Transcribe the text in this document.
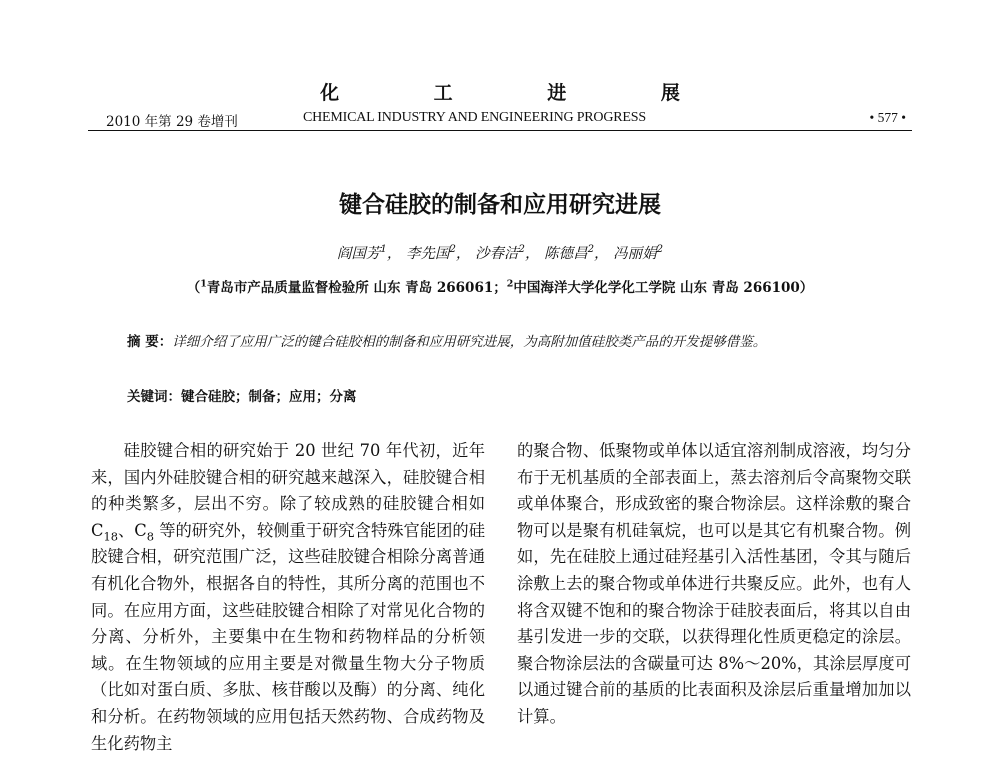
化 工 进 展
2010 年第 29 卷增刊	CHEMICAL INDUSTRY AND ENGINEERING PROGRESS	• 577 •
键合硅胶的制备和应用研究进展
阎国芳$^1$， 李先国$^2$， 沙春洁$^2$， 陈德昌$^2$， 冯丽娟$^2$
（$^1$青岛市产品质量监督检验所 山东 青岛 266061；$^2$中国海洋大学化学化工学院 山东 青岛 266100）
摘 要：详细介绍了应用广泛的键合硅胶相的制备和应用研究进展，为高附加值硅胶类产品的开发提够借鉴。
关键词：键合硅胶；制备；应用；分离
硅胶键合相的研究始于 20 世纪 70 年代初，近年来，国内外硅胶键合相的研究越来越深入，硅胶键合相的种类繁多，层出不穷。除了较成熟的硅胶键合相如 $C_{18}$、$C_8$ 等的研究外，较侧重于研究含特殊官能团的硅胶键合相，研究范围广泛，这些硅胶键合相除分离普通有机化合物外，根据各自的特性，其所分离的范围也不同。在应用方面，这些硅胶键合相除了对常见化合物的分离、分析外，主要集中在生物和药物样品的分析领域。在生物领域的应用主要是对微量生物大分子物质（比如对蛋白质、多肽、核苷酸以及酶）的分离、纯化和分析。在药物领域的应用包括天然药物、合成药物及生化药物主
的聚合物、低聚物或单体以适宜溶剂制成溶液，均匀分布于无机基质的全部表面上，蒸去溶剂后令高聚物交联或单体聚合，形成致密的聚合物涂层。这样涂敷的聚合物可以是聚有机硅氧烷，也可以是其它有机聚合物。例如，先在硅胶上通过硅羟基引入活性基团，令其与随后涂敷上去的聚合物或单体进行共聚反应。此外，也有人将含双键不饱和的聚合物涂于硅胶表面后，将其以自由基引发进一步的交联，以获得理化性质更稳定的涂层。聚合物涂层法的含碳量可达 8%～20%，其涂层厚度可以通过键合前的基质的比表面积及涂层后重量增加加以计算。
